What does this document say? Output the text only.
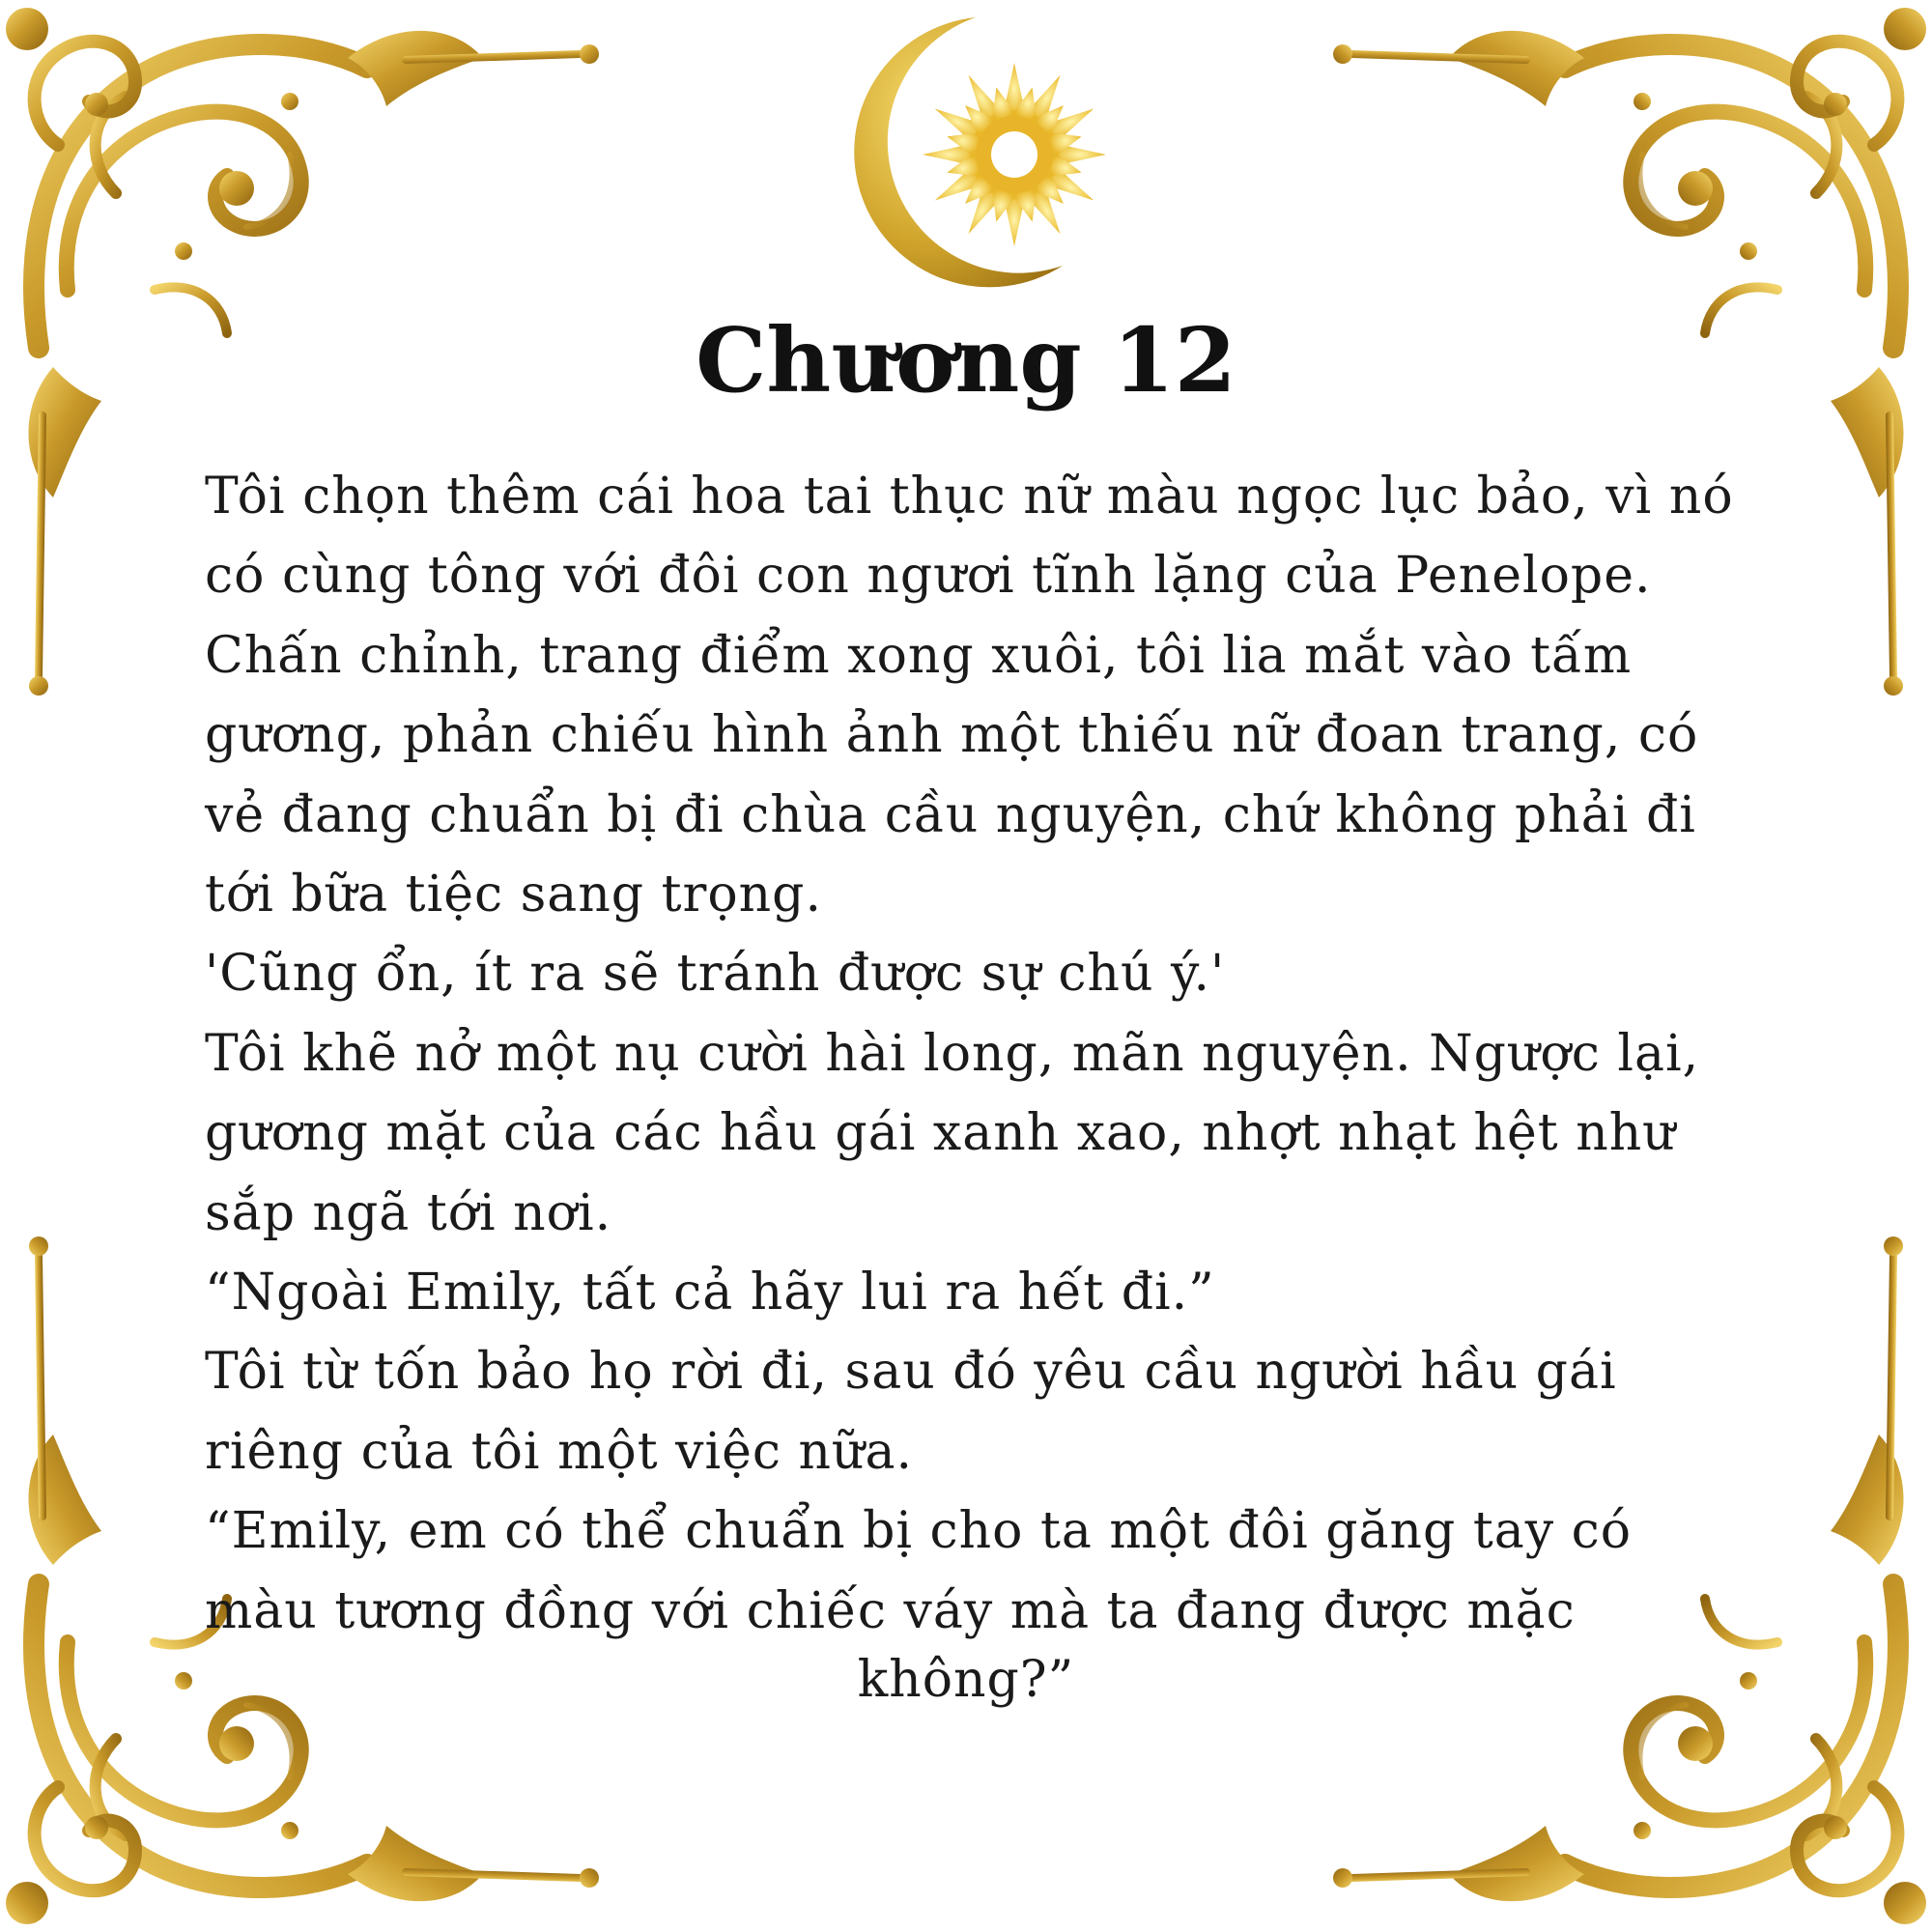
Chương 12

Tôi chọn thêm cái hoa tai thục nữ màu ngọc lục bảo, vì nó có cùng tông với đôi con ngươi tĩnh lặng của Penelope.

Chấn chỉnh, trang điểm xong xuôi, tôi lia mắt vào tấm gương, phản chiếu hình ảnh một thiếu nữ đoan trang, có vẻ đang chuẩn bị đi chùa cầu nguyện, chứ không phải đi tới bữa tiệc sang trọng.

'Cũng ổn, ít ra sẽ tránh được sự chú ý.'

Tôi khẽ nở một nụ cười hài long, mãn nguyện. Ngược lại, gương mặt của các hầu gái xanh xao, nhợt nhạt hệt như sắp ngã tới nơi.

“Ngoài Emily, tất cả hãy lui ra hết đi.”

Tôi từ tốn bảo họ rời đi, sau đó yêu cầu người hầu gái riêng của tôi một việc nữa.

“Emily, em có thể chuẩn bị cho ta một đôi găng tay có màu tương đồng với chiếc váy mà ta đang được mặc

không?”
